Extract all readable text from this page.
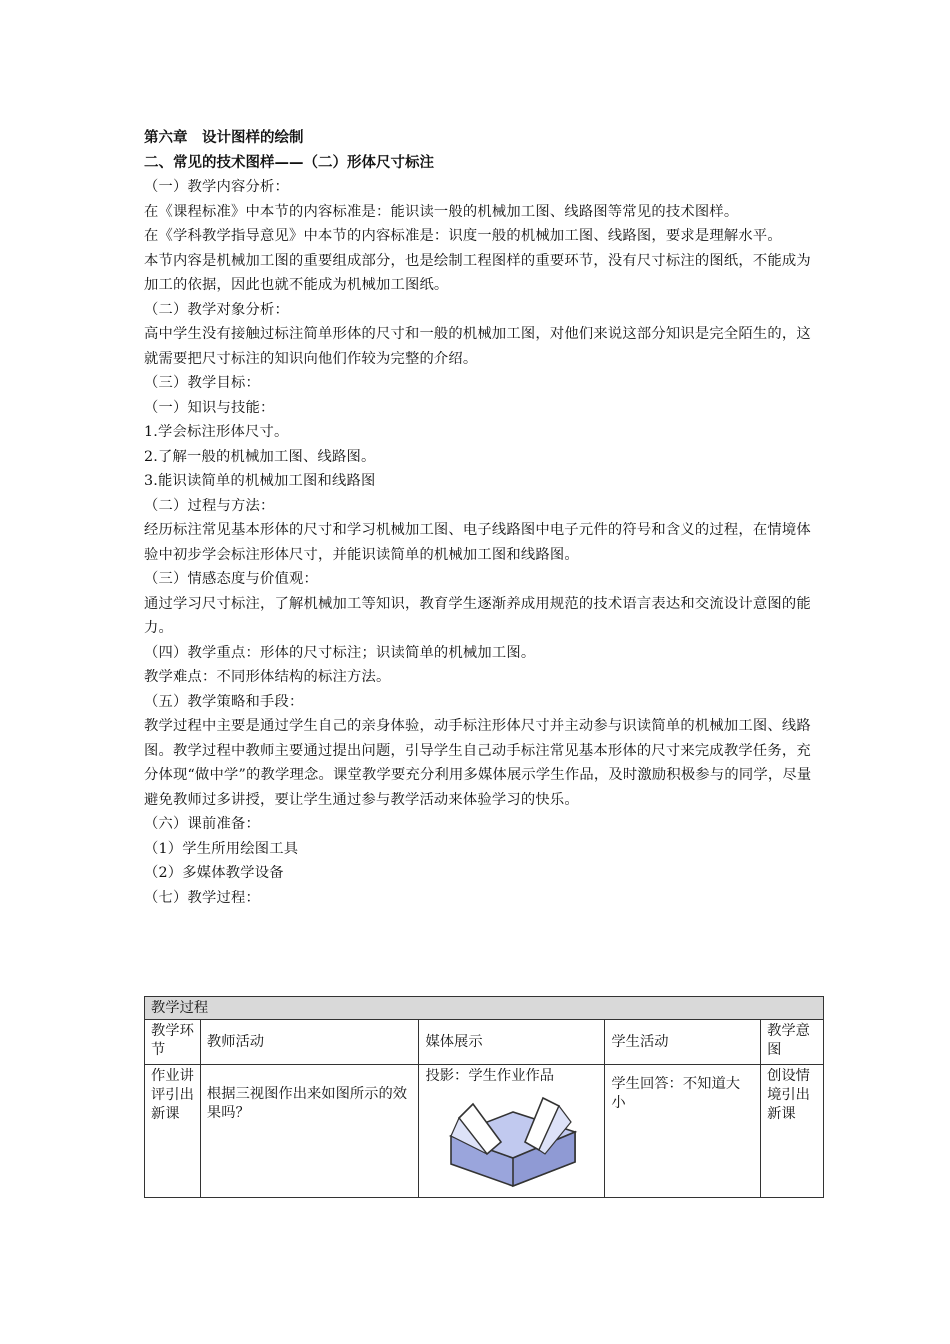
第六章　设计图样的绘制

二、常见的技术图样——（二）形体尺寸标注

（一）教学内容分析：

在《课程标准》中本节的内容标准是：能识读一般的机械加工图、线路图等常见的技术图样。

在《学科教学指导意见》中本节的内容标准是：识度一般的机械加工图、线路图，要求是理解水平。

本节内容是机械加工图的重要组成部分，也是绘制工程图样的重要环节，没有尺寸标注的图纸，不能成为加工的依据，因此也就不能成为机械加工图纸。

（二）教学对象分析：

高中学生没有接触过标注简单形体的尺寸和一般的机械加工图，对他们来说这部分知识是完全陌生的，这就需要把尺寸标注的知识向他们作较为完整的介绍。

（三）教学目标：

（一）知识与技能：

1.学会标注形体尺寸。

2.了解一般的机械加工图、线路图。

3.能识读简单的机械加工图和线路图

（二）过程与方法：

经历标注常见基本形体的尺寸和学习机械加工图、电子线路图中电子元件的符号和含义的过程，在情境体验中初步学会标注形体尺寸，并能识读简单的机械加工图和线路图。

（三）情感态度与价值观：

通过学习尺寸标注，了解机械加工等知识，教育学生逐渐养成用规范的技术语言表达和交流设计意图的能力。

（四）教学重点：形体的尺寸标注；识读简单的机械加工图。

教学难点：不同形体结构的标注方法。

（五）教学策略和手段：

教学过程中主要是通过学生自己的亲身体验，动手标注形体尺寸并主动参与识读简单的机械加工图、线路图。教学过程中教师主要通过提出问题，引导学生自己动手标注常见基本形体的尺寸来完成教学任务，充分体现“做中学”的教学理念。课堂教学要充分利用多媒体展示学生作品，及时激励积极参与的同学，尽量避免教师过多讲授，要让学生通过参与教学活动来体验学习的快乐。

（六）课前准备：

（1）学生所用绘图工具

（2）多媒体教学设备

（七）教学过程：

教学过程				
教学环节	教师活动	媒体展示	学生活动	教学意图
作业讲评引出新课	根据三视图作出来如图所示的效果吗？	投影：学生作业作品	学生回答：不知道大小	创设情境引出新课
